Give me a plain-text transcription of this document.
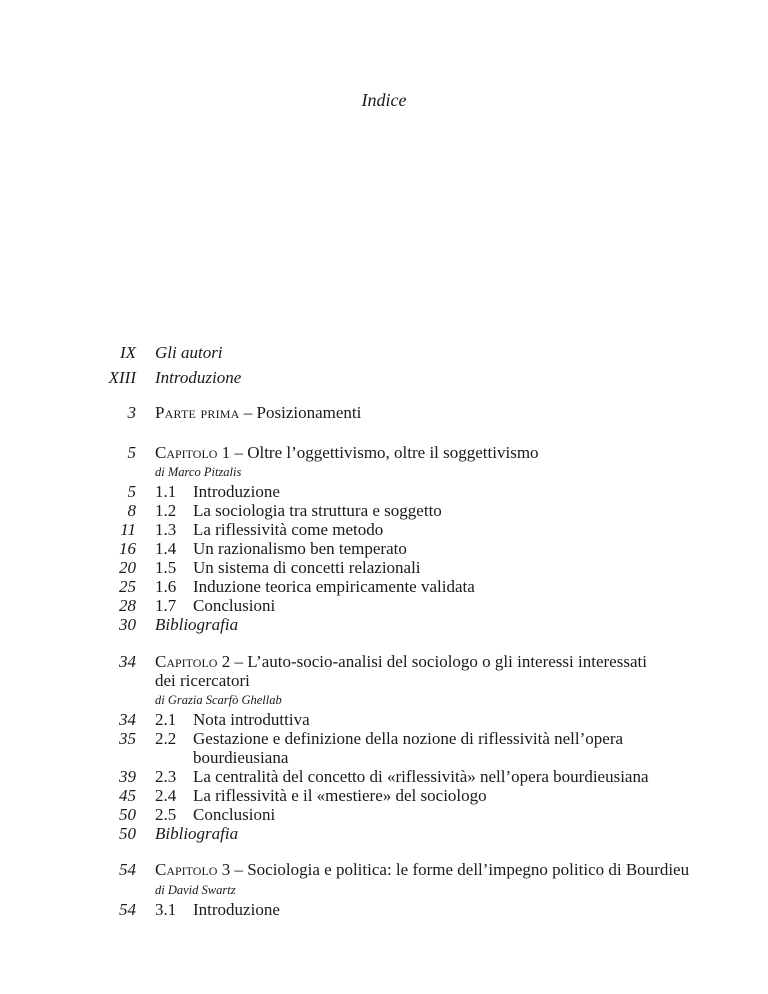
Indice
IX Gli autori
XIII Introduzione
3 Parte prima – Posizionamenti
5 Capitolo 1 – Oltre l’oggettivismo, oltre il soggettivismo
di Marco Pitzalis
5 1.1 Introduzione
8 1.2 La sociologia tra struttura e soggetto
11 1.3 La riflessività come metodo
16 1.4 Un razionalismo ben temperato
20 1.5 Un sistema di concetti relazionali
25 1.6 Induzione teorica empiricamente validata
28 1.7 Conclusioni
30 Bibliografia
34 Capitolo 2 – L’auto-socio-analisi del sociologo o gli interessi interessati
dei ricercatori
di Grazia Scarfò Ghellab
34 2.1 Nota introduttiva
35 2.2 Gestazione e definizione della nozione di riflessività nell’opera
bourdieusiana
39 2.3 La centralità del concetto di «riflessività» nell’opera bourdieusiana
45 2.4 La riflessività e il «mestiere» del sociologo
50 2.5 Conclusioni
50 Bibliografia
54 Capitolo 3 – Sociologia e politica: le forme dell’impegno politico di Bourdieu
di David Swartz
54 3.1 Introduzione
